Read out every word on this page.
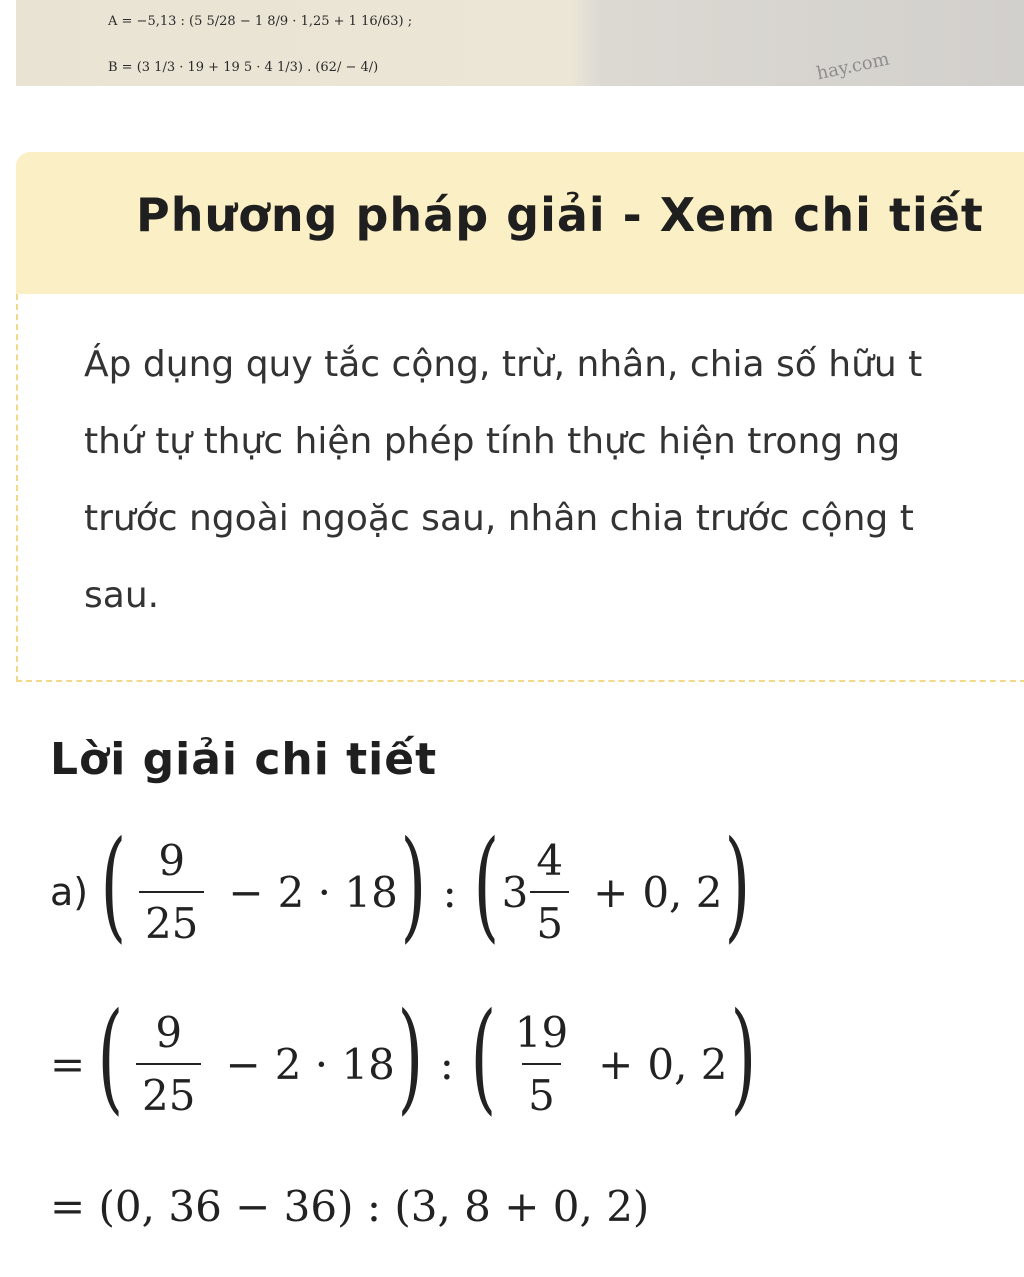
A = −5,13 : (5 5/28 − 1 8/9 · 1,25 + 1 16/63) ;
B = (3 1/3 · 19 + 19 5 · 4 1/3) . (62/ − 4/)	hay.com
Phương pháp giải - Xem chi tiết
Áp dụng quy tắc cộng, trừ, nhân, chia số hữu t
thứ tự thực hiện phép tính thực hiện trong ng
trước ngoài ngoặc sau, nhân chia trước cộng t
sau.
Lời giải chi tiết
a) ( $\frac{9}{25} - 2 \cdot 18$ ) : ( $3 \frac{4}{5} + 0$, 2 )
= ( $\frac{9}{25} - 2 \cdot 18$ ) : ( $\frac{19}{5} + 0$, 2 )
= (0, 36 − 36) : (3, 8 + 0, 2)
